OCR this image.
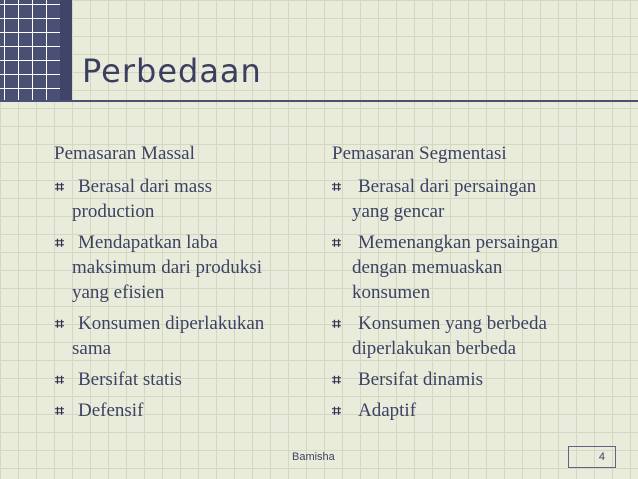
Perbedaan
Pemasaran Massal
⌗ Berasal dari mass
production
⌗ Mendapatkan laba
maksimum dari produksi
yang efisien
⌗ Konsumen diperlakukan
sama
⌗ Bersifat statis
⌗ Defensif
Pemasaran Segmentasi
⌗ Berasal dari persaingan
yang gencar
⌗ Memenangkan persaingan
dengan memuaskan
konsumen
⌗ Konsumen yang berbeda
diperlakukan berbeda
⌗ Bersifat dinamis
⌗ Adaptif
Bamisha	4
